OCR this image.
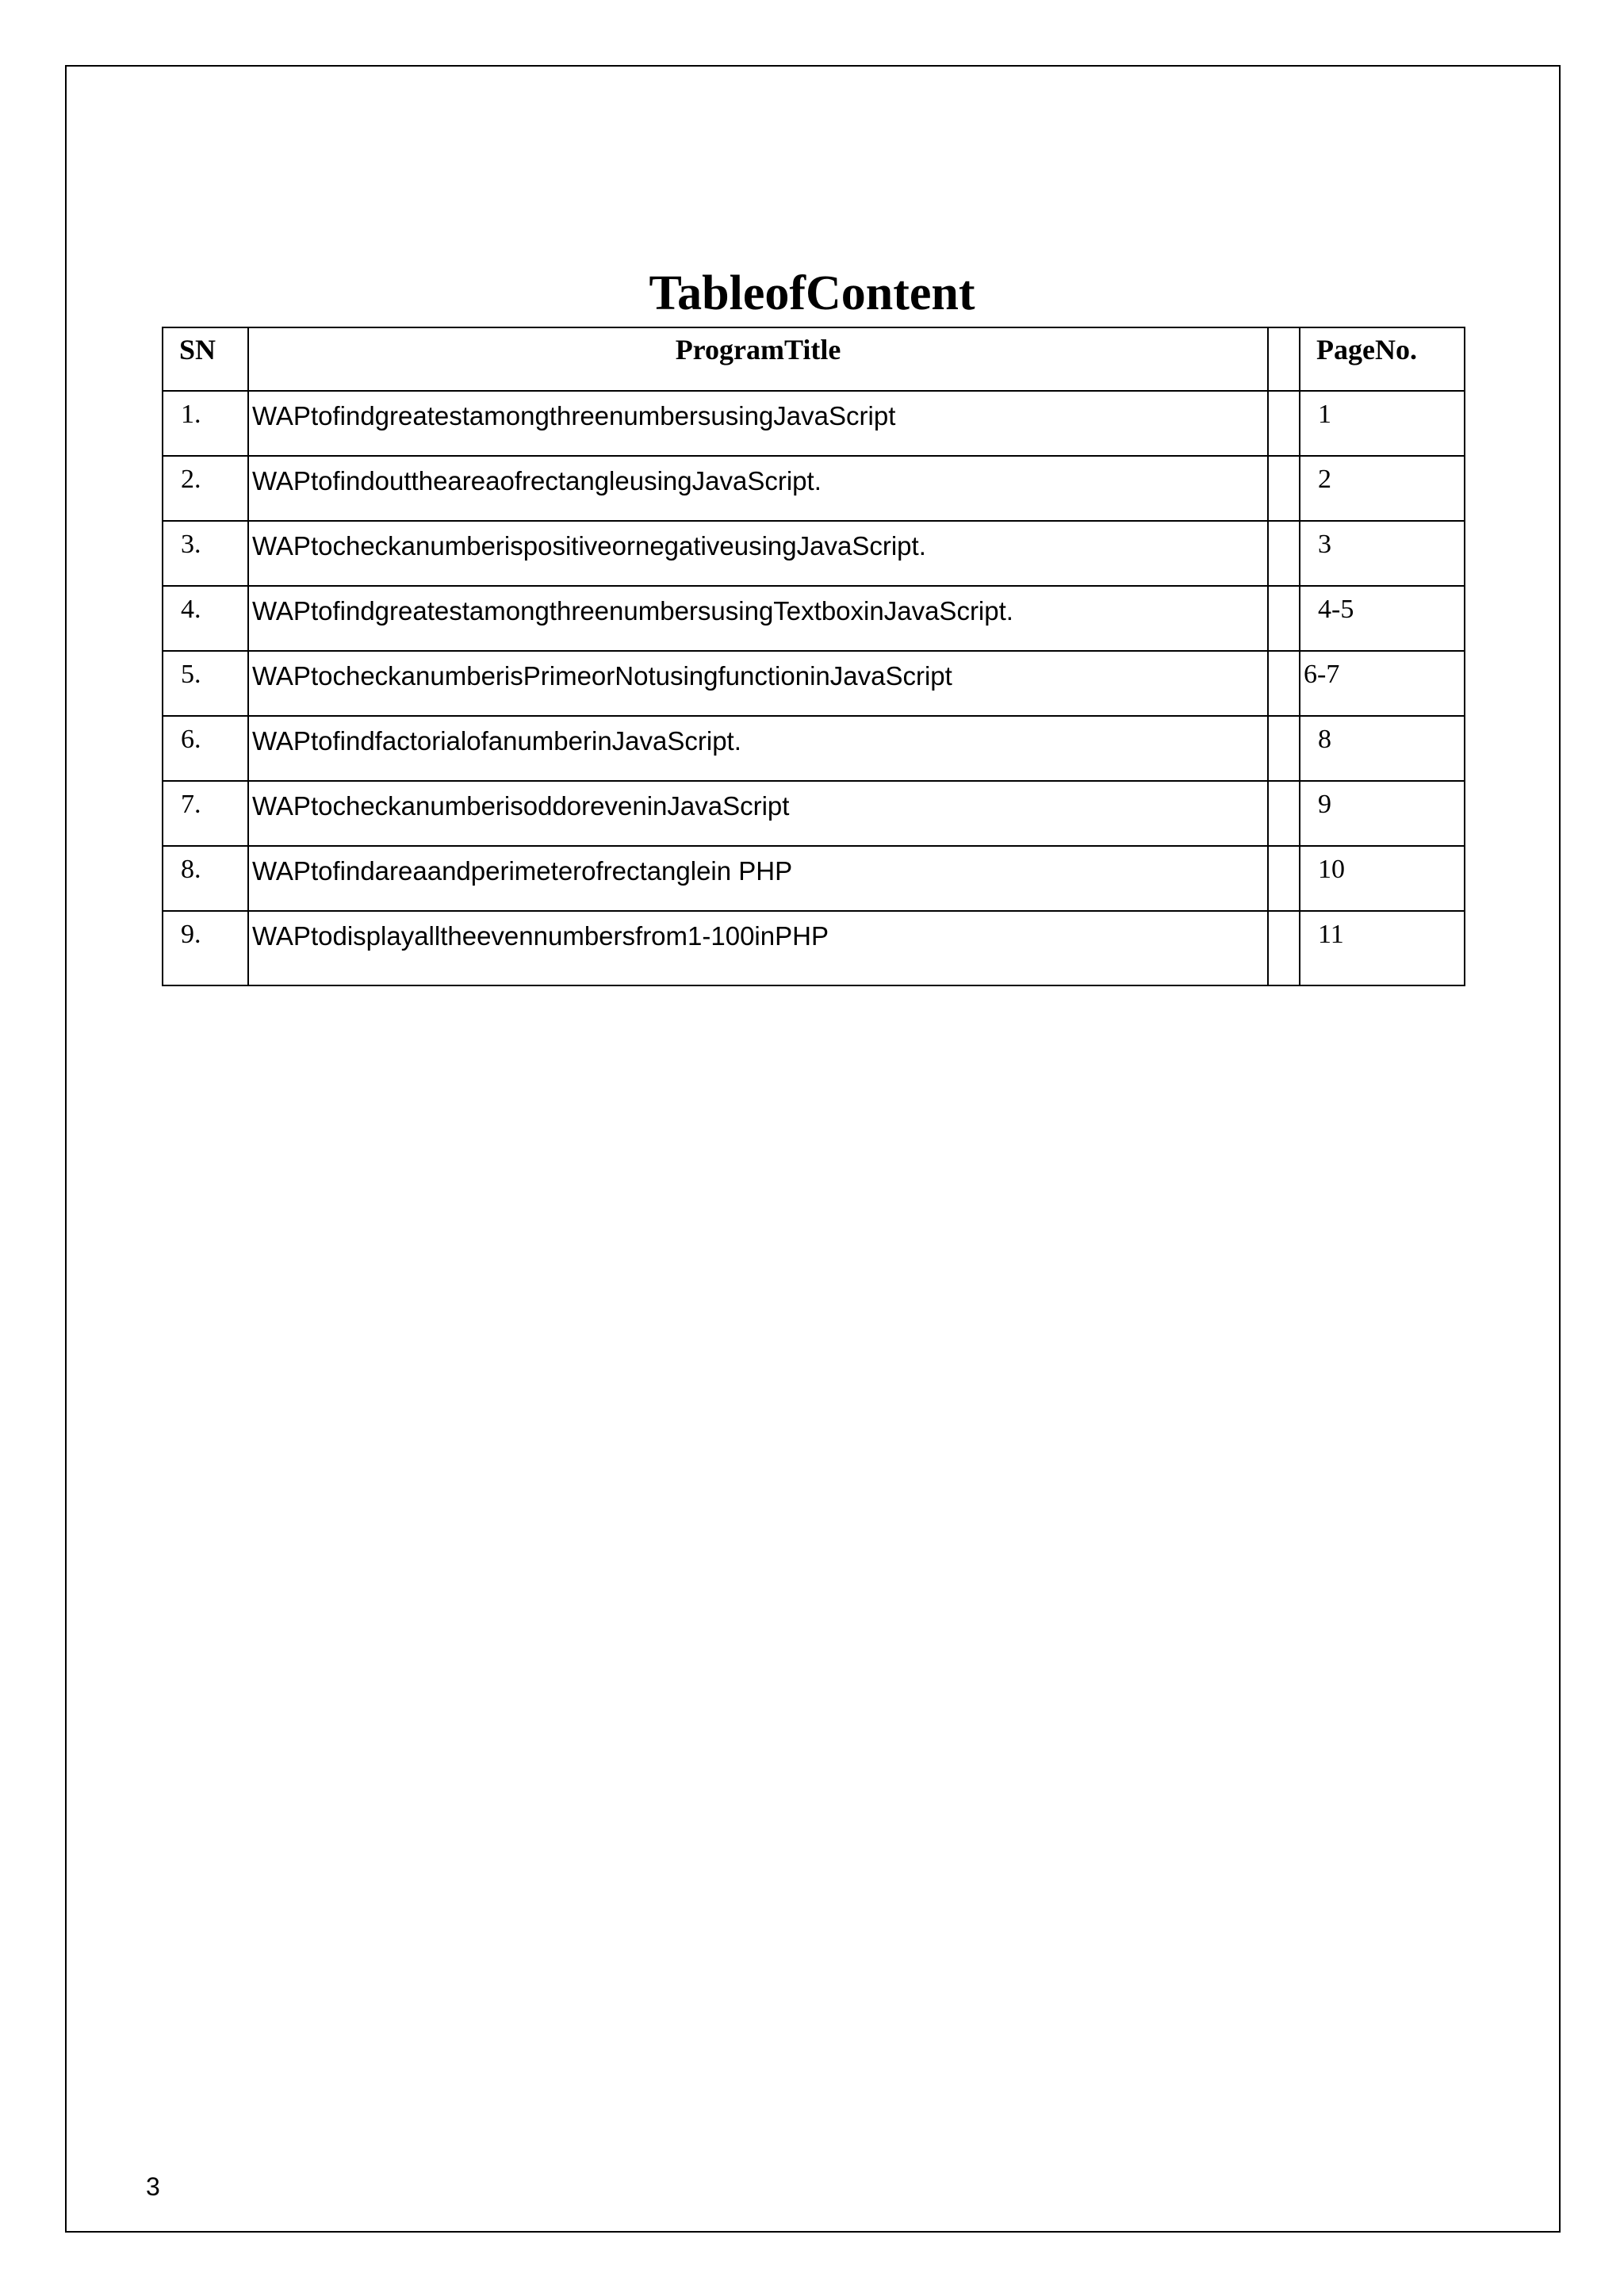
TableofContent
SN	ProgramTitle		PageNo.
1.	WAPtofindgreatestamongthreenumbersusingJavaScript		1
2.	WAPtofindouttheareaofrectangleusingJavaScript.		2
3.	WAPtocheckanumberispositiveornegativeusingJavaScript.		3
4.	WAPtofindgreatestamongthreenumbersusingTextboxinJavaScript.		4-5
5.	WAPtocheckanumberisPrimeorNotusingfunctioninJavaScript		6-7
6.	WAPtofindfactorialofanumberinJavaScript.		8
7.	WAPtocheckanumberisoddoreveninJavaScript		9
8.	WAPtofindareaandperimeterofrectanglein PHP		10
9.	WAPtodisplayalltheevennumbersfrom1-100inPHP		11
3
